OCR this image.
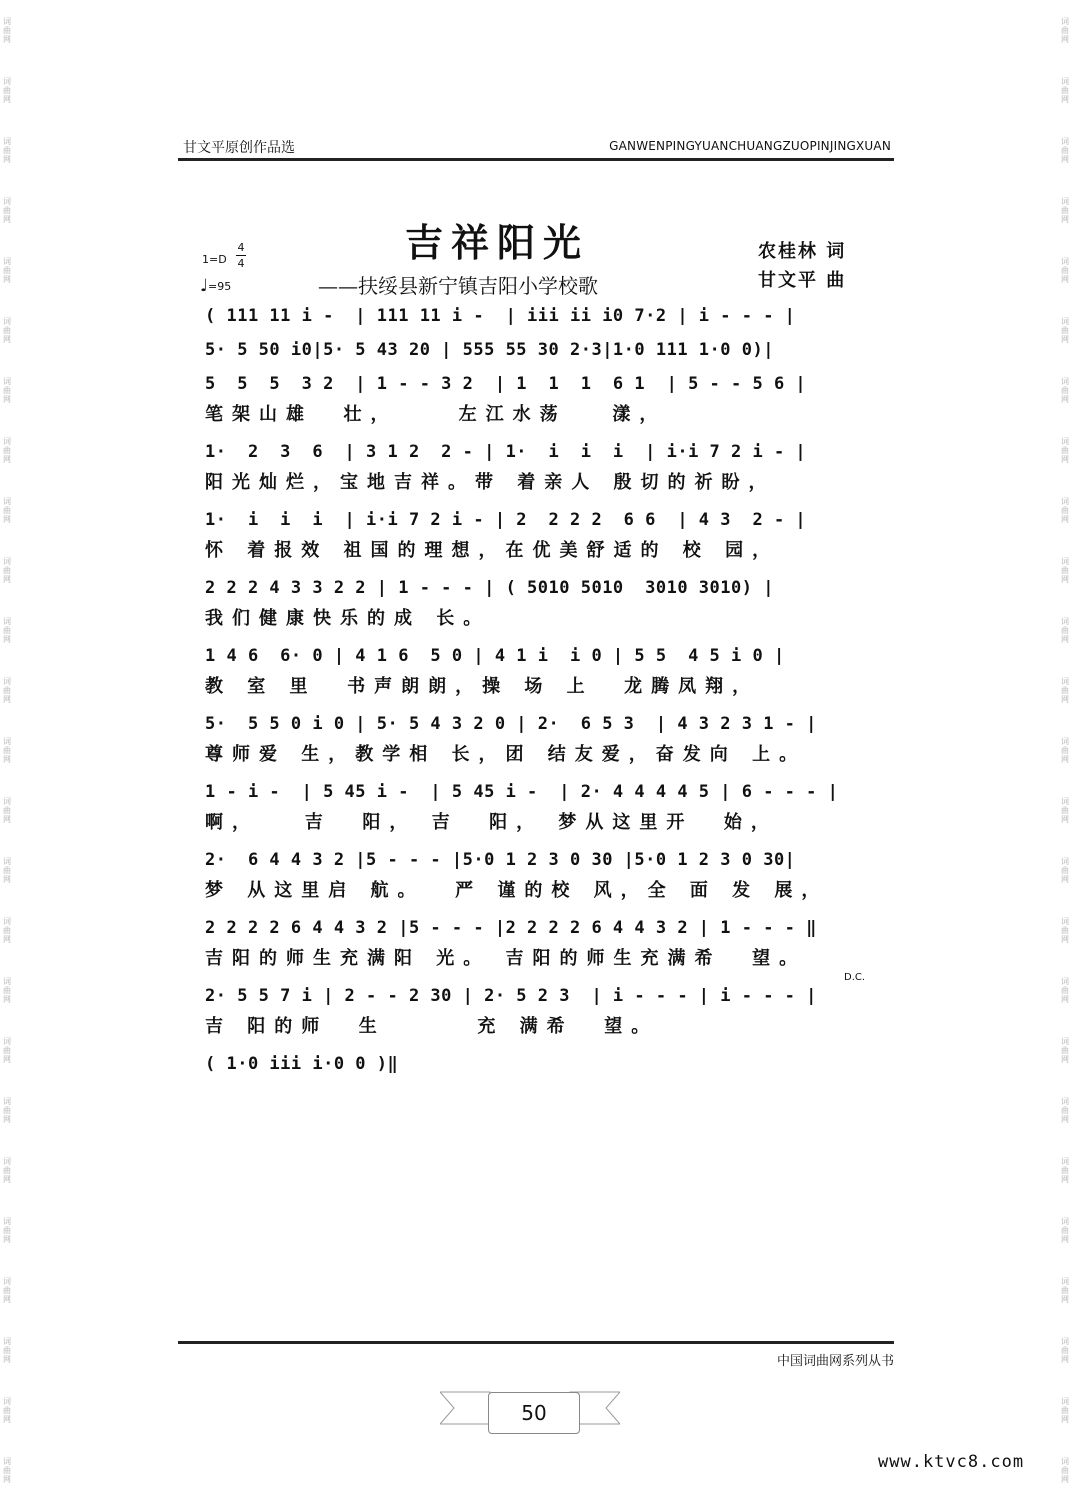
词
曲
网
词
曲
网
词
曲
网
词
曲
网
词
曲
网
词
曲
网
词
曲
网
词
曲
网
词
曲
网
词
曲
网
词
曲
网
词
曲
网
词
曲
网
词
曲
网
词
曲
网
词
曲
网
词
曲
网
词
曲
网
词
曲
网
词
曲
网
词
曲
网
词
曲
网
词
曲
网
词
曲
网
词
曲
网
词
曲
网
词
曲
网
词
曲
网
词
曲
网
词
曲
网
词
曲
网
词
曲
网
词
曲
网
词
曲
网
词
曲
网
词
曲
网
词
曲
网
词
曲
网
词
曲
网
词
曲
网
词
曲
网
词
曲
网
词
曲
网
词
曲
网
词
曲
网
词
曲
网
词
曲
网
词
曲
网
词
曲
网
词
曲
网
甘文平原创作品选	GANWENPINGYUANCHUANGZUOPINJINGXUAN
吉祥阳光
——扶绥县新宁镇吉阳小学校歌
农桂林 词
甘文平 曲
1=D
4
4
♩=95
( 111 11 i -  | 111 11 i -  | iii ii i0 7·2 | i - - - |
5· 5 50 i0|5· 5 43 20 | 555 55 30 2·3|1·0 111 1·0 0)|
5  5  5  3 2  | 1 - - 3 2  | 1  1  1  6 1  | 5 - - 5 6 |
笔架山雄  壮，    左江水荡   漾，
1·  2  3  6  | 3 1 2  2 - | 1·  i  i  i  | i·i 7 2 i - |
阳光灿烂，宝地吉祥。带 着亲人 殷切的祈盼，
1·  i  i  i  | i·i 7 2 i - | 2  2 2 2  6 6  | 4 3  2 - |
怀 着报效 祖国的理想，在优美舒适的 校 园，
2 2 2 4 3 3 2 2 | 1 - - - | ( 5010 5010  3010 3010) |
我们健康快乐的成 长。
1 4 6  6· 0 | 4 1 6  5 0 | 4 1 i  i 0 | 5 5  4 5 i 0 |
教 室 里  书声朗朗，操 场 上  龙腾凤翔，
5·  5 5 0 i 0 | 5· 5 4 3 2 0 | 2·  6 5 3  | 4 3 2 3 1 - |
尊师爱 生，教学相 长，团 结友爱，奋发向 上。
1 - i -  | 5 45 i -  | 5 45 i -  | 2· 4 4 4 4 5 | 6 - - - |
啊，   吉  阳， 吉  阳， 梦从这里开  始，
2·  6 4 4 3 2 |5 - - - |5·0 1 2 3 0 30 |5·0 1 2 3 0 30|
梦 从这里启 航。  严 谨的校 风，全 面 发 展，
2 2 2 2 6 4 4 3 2 |5 - - - |2 2 2 2 6 4 4 3 2 | 1 - - - ‖
吉阳的师生充满阳 光。 吉阳的师生充满希  望。
2· 5 5 7 i | 2 - - 2 30 | 2· 5 2 3  | i - - - | i - - - |
吉 阳的师  生      充 满希  望。
( 1·0 iii i·0 0 )‖
D.C.
中国词曲网系列从书
50
www.ktvc8.com
